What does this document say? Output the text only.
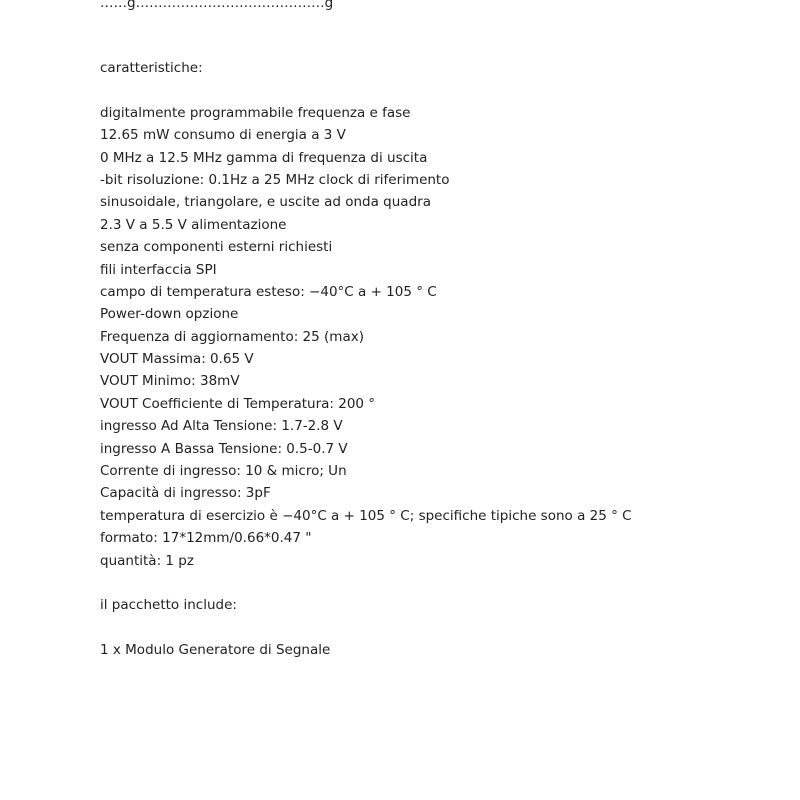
……g……………………………………g
caratteristiche:
digitalmente programmabile frequenza e fase
12.65 mW consumo di energia a 3 V
0 MHz a 12.5 MHz gamma di frequenza di uscita
-bit risoluzione: 0.1Hz a 25 MHz clock di riferimento
sinusoidale, triangolare, e uscite ad onda quadra
2.3 V a 5.5 V alimentazione
senza componenti esterni richiesti
fili interfaccia SPI
campo di temperatura esteso: −40°C a + 105 ° C
Power-down opzione
Frequenza di aggiornamento: 25 (max)
VOUT Massima: 0.65 V
VOUT Minimo: 38mV
VOUT Coefficiente di Temperatura: 200 °
ingresso Ad Alta Tensione: 1.7-2.8 V
ingresso A Bassa Tensione: 0.5-0.7 V
Corrente di ingresso: 10 & micro; Un
Capacità di ingresso: 3pF
temperatura di esercizio è −40°C a + 105 ° C; specifiche tipiche sono a 25 ° C
formato: 17*12mm/0.66*0.47 "
quantità: 1 pz
il pacchetto include:
1 x Modulo Generatore di Segnale
